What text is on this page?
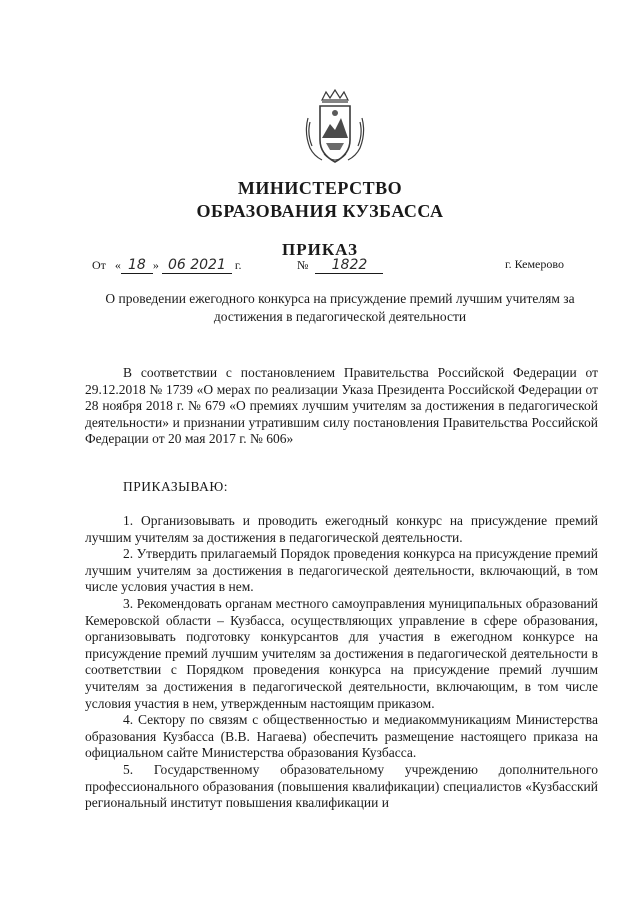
МИНИСТЕРСТВО
ОБРАЗОВАНИЯ КУЗБАССА
ПРИКАЗ
От « 18 » 06 2021 г.	№ 1822	г. Кемерово
О проведении ежегодного конкурса на присуждение премий лучшим учителям за достижения в педагогической деятельности

В соответствии с постановлением Правительства Российской Федерации от 29.12.2018 № 1739 «О мерах по реализации Указа Президента Российской Федерации от 28 ноября 2018 г. № 679 «О премиях лучшим учителям за достижения в педагогической деятельности» и признании утратившим силу постановления Правительства Российской Федерации от 20 мая 2017 г. № 606»

ПРИКАЗЫВАЮ:

1. Организовывать и проводить ежегодный конкурс на присуждение премий лучшим учителям за достижения в педагогической деятельности.

2. Утвердить прилагаемый Порядок проведения конкурса на присуждение премий лучшим учителям за достижения в педагогической деятельности, включающий, в том числе условия участия в нем.

3. Рекомендовать органам местного самоуправления муниципальных образований Кемеровской области – Кузбасса, осуществляющих управление в сфере образования, организовывать подготовку конкурсантов для участия в ежегодном конкурсе на присуждение премий лучшим учителям за достижения в педагогической деятельности в соответствии с Порядком проведения конкурса на присуждение премий лучшим учителям за достижения в педагогической деятельности, включающим, в том числе условия участия в нем, утвержденным настоящим приказом.

4. Сектору по связям с общественностью и медиакоммуникациям Министерства образования Кузбасса (В.В. Нагаева) обеспечить размещение настоящего приказа на официальном сайте Министерства образования Кузбасса.

5. Государственному образовательному учреждению дополнительного профессионального образования (повышения квалификации) специалистов «Кузбасский региональный институт повышения квалификации и
